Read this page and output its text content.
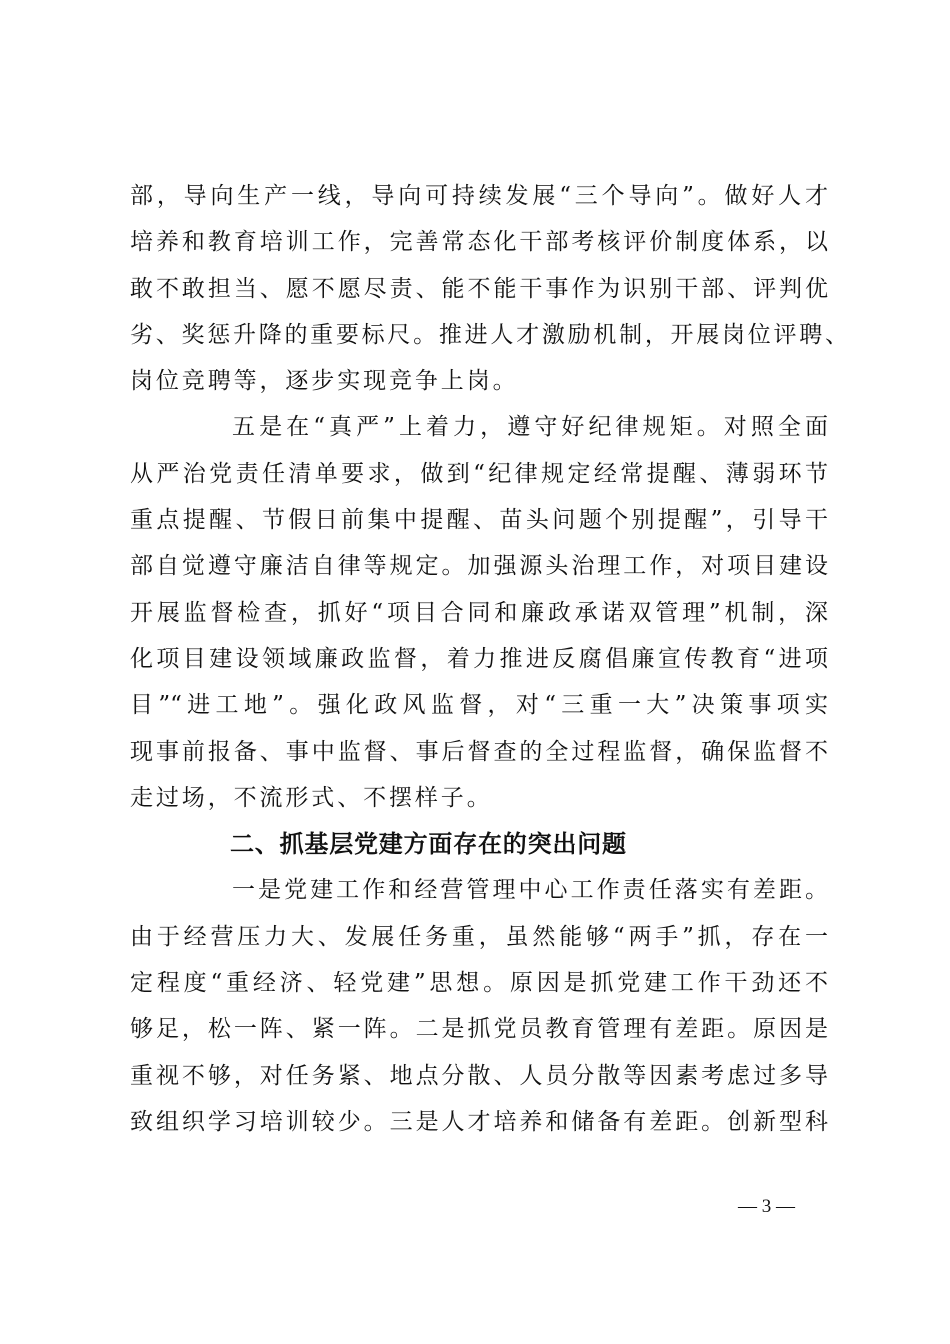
部，导向生产一线，导向可持续发展“三个导向”。做好人才
培养和教育培训工作，完善常态化干部考核评价制度体系，以
敢不敢担当、愿不愿尽责、能不能干事作为识别干部、评判优
劣、奖惩升降的重要标尺。推进人才激励机制，开展岗位评聘、
岗位竞聘等，逐步实现竞争上岗。
五是在“真严”上着力，遵守好纪律规矩。对照全面
从严治党责任清单要求，做到“纪律规定经常提醒、薄弱环节
重点提醒、节假日前集中提醒、苗头问题个别提醒”，引导干
部自觉遵守廉洁自律等规定。加强源头治理工作，对项目建设
开展监督检查，抓好“项目合同和廉政承诺双管理”机制，深
化项目建设领域廉政监督，着力推进反腐倡廉宣传教育“进项
目”“进工地”。强化政风监督，对“三重一大”决策事项实
现事前报备、事中监督、事后督查的全过程监督，确保监督不
走过场，不流形式、不摆样子。
二、抓基层党建方面存在的突出问题
一是党建工作和经营管理中心工作责任落实有差距。
由于经营压力大、发展任务重，虽然能够“两手”抓，存在一
定程度“重经济、轻党建”思想。原因是抓党建工作干劲还不
够足，松一阵、紧一阵。二是抓党员教育管理有差距。原因是
重视不够，对任务紧、地点分散、人员分散等因素考虑过多导
致组织学习培训较少。三是人才培养和储备有差距。创新型科
— 3 —
